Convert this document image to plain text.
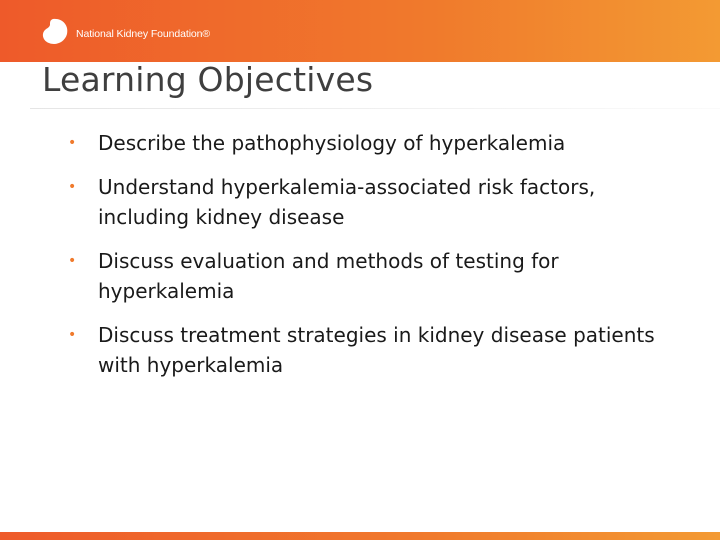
National Kidney Foundation®
Learning Objectives
• Describe the pathophysiology of hyperkalemia
• Understand hyperkalemia-associated risk factors, including kidney disease
• Discuss evaluation and methods of testing for hyperkalemia
• Discuss treatment strategies in kidney disease patients with hyperkalemia
